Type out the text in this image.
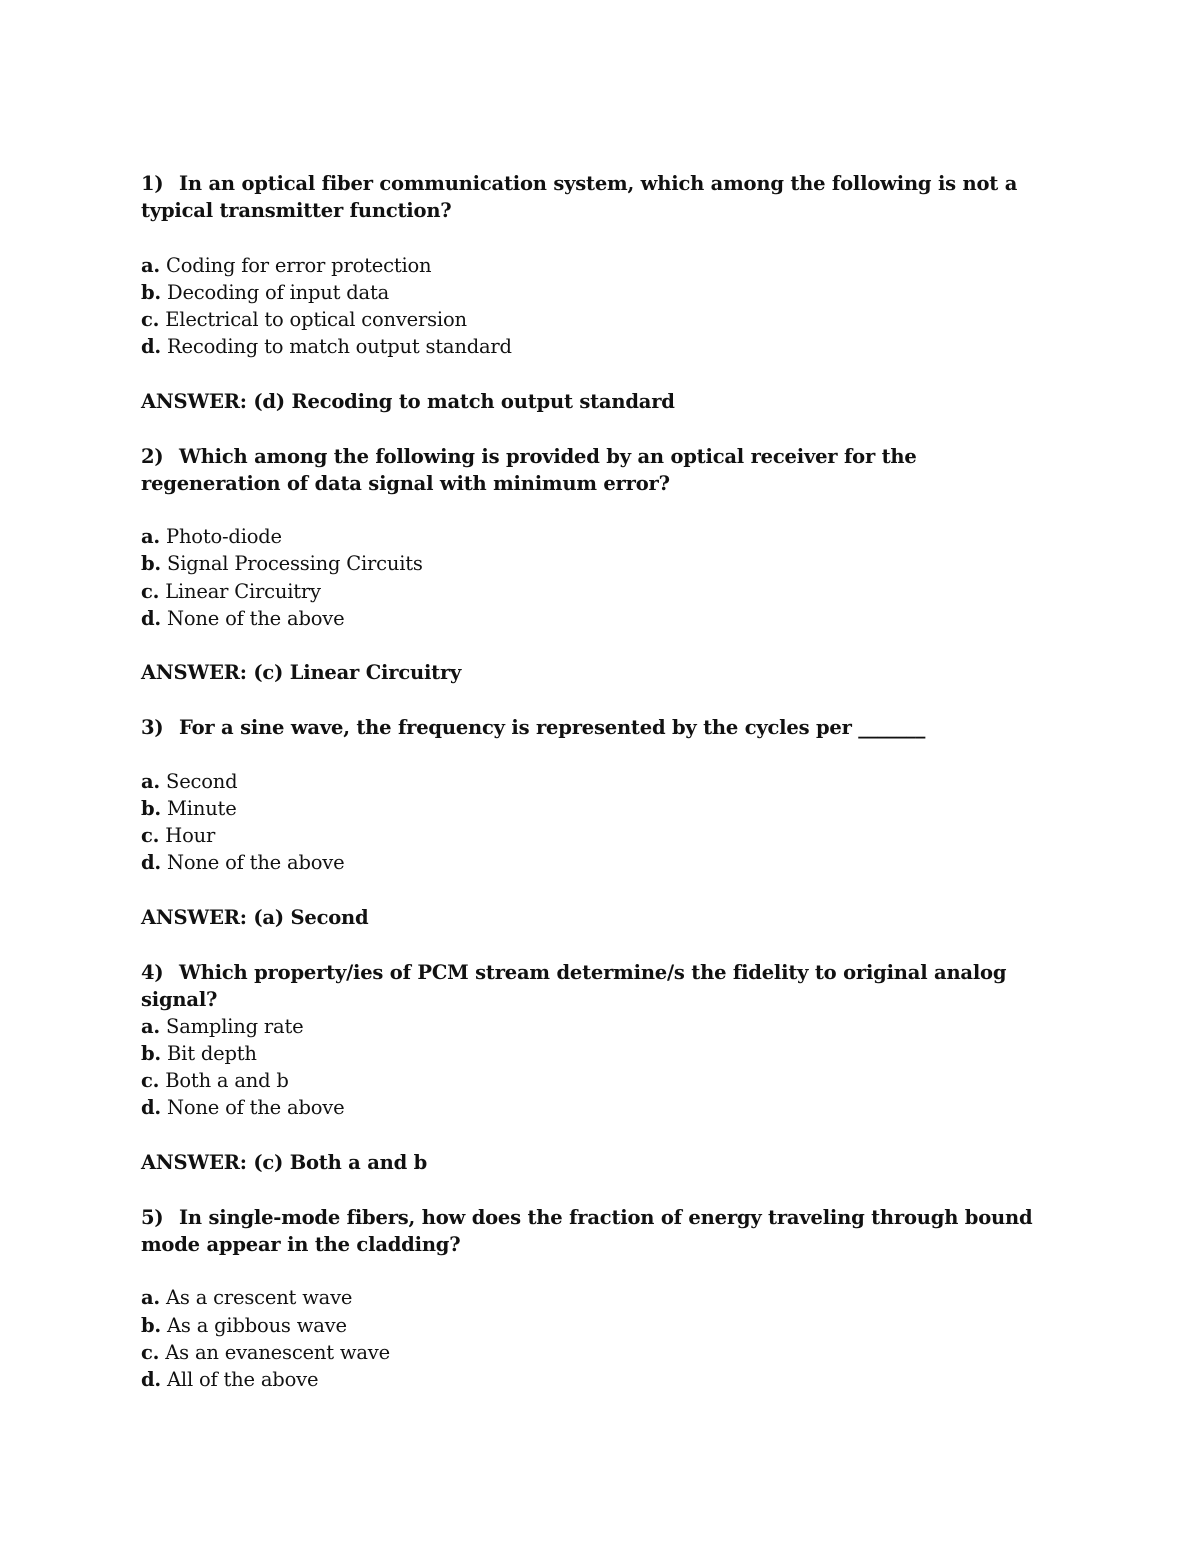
1) In an optical fiber communication system, which among the following is not a typical transmitter function?
a. Coding for error protection
b. Decoding of input data
c. Electrical to optical conversion
d. Recoding to match output standard
ANSWER: (d) Recoding to match output standard
2) Which among the following is provided by an optical receiver for the regeneration of data signal with minimum error?
a. Photo-diode
b. Signal Processing Circuits
c. Linear Circuitry
d. None of the above
ANSWER: (c) Linear Circuitry
3) For a sine wave, the frequency is represented by the cycles per _______
a. Second
b. Minute
c. Hour
d. None of the above
ANSWER: (a) Second
4) Which property/ies of PCM stream determine/s the fidelity to original analog signal?
a. Sampling rate
b. Bit depth
c. Both a and b
d. None of the above
ANSWER: (c) Both a and b
5) In single-mode fibers, how does the fraction of energy traveling through bound mode appear in the cladding?
a. As a crescent wave
b. As a gibbous wave
c. As an evanescent wave
d. All of the above
